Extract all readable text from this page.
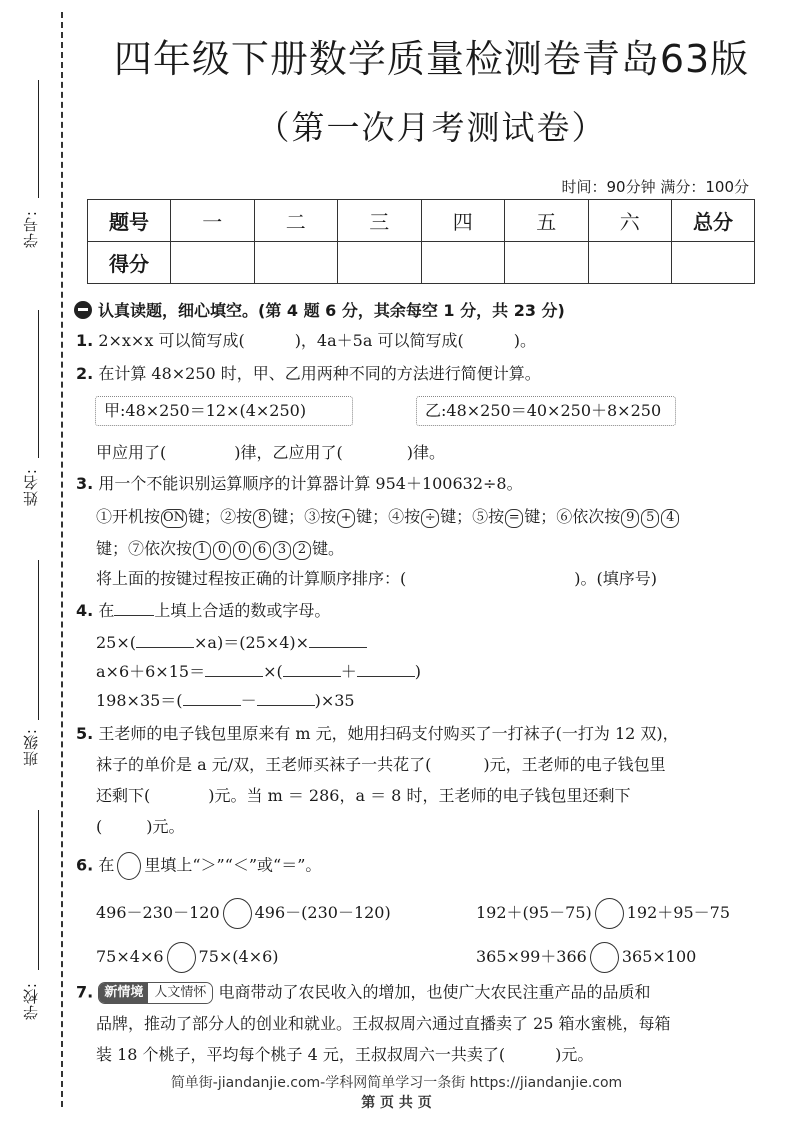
学号:
姓名:
班级:
学校:
四年级下册数学质量检测卷青岛63版
（第一次月考测试卷）
时间：90分钟 满分：100分
题号	一	二	三	四	五	六	总分
得分							
认真读题，细心填空。(第 4 题 6 分，其余每空 1 分，共 23 分)
1. 2×x×x 可以简写成(	)，4a＋5a 可以简写成(	)。
2. 在计算 48×250 时，甲、乙用两种不同的方法进行简便计算。
甲:48×250＝12×(4×250)	乙:48×250＝40×250＋8×250
甲应用了(	)律，乙应用了(	)律。
3. 用一个不能识别运算顺序的计算器计算 954＋100632÷8。
①开机按 ON 键；②按 8 键；③按 + 键；④按 ÷ 键；⑤按 = 键；⑥依次按 9 5 4
键；⑦依次按 1 0 0 6 3 2 键。
将上面的按键过程按正确的计算顺序排序：(	)。(填序号)
4. 在	上填上合适的数或字母。
25×(	×a)＝(25×4)×
a×6＋6×15＝	×(	＋	)
198×35＝(	－	)×35
5. 王老师的电子钱包里原来有 m 元，她用扫码支付购买了一打袜子(一打为 12 双)，
袜子的单价是 a 元/双，王老师买袜子一共花了(	)元，王老师的电子钱包里
还剩下(	)元。当 m ＝ 286，a ＝ 8 时，王老师的电子钱包里还剩下
(	)元。
6. 在 里填上“＞”“＜”或“＝”。
496－230－120 496－(230－120)	192＋(95－75) 192＋95－75
75×4×6 75×(4×6)	365×99＋366 365×100
7. 新情境 人文情怀 电商带动了农民收入的增加，也使广大农民注重产品的品质和
品牌，推动了部分人的创业和就业。王叔叔周六通过直播卖了 25 箱水蜜桃，每箱
装 18 个桃子，平均每个桃子 4 元，王叔叔周六一共卖了(	)元。
简单街-jiandanjie.com-学科网简单学习一条街 https://jiandanjie.com
第 页 共 页
